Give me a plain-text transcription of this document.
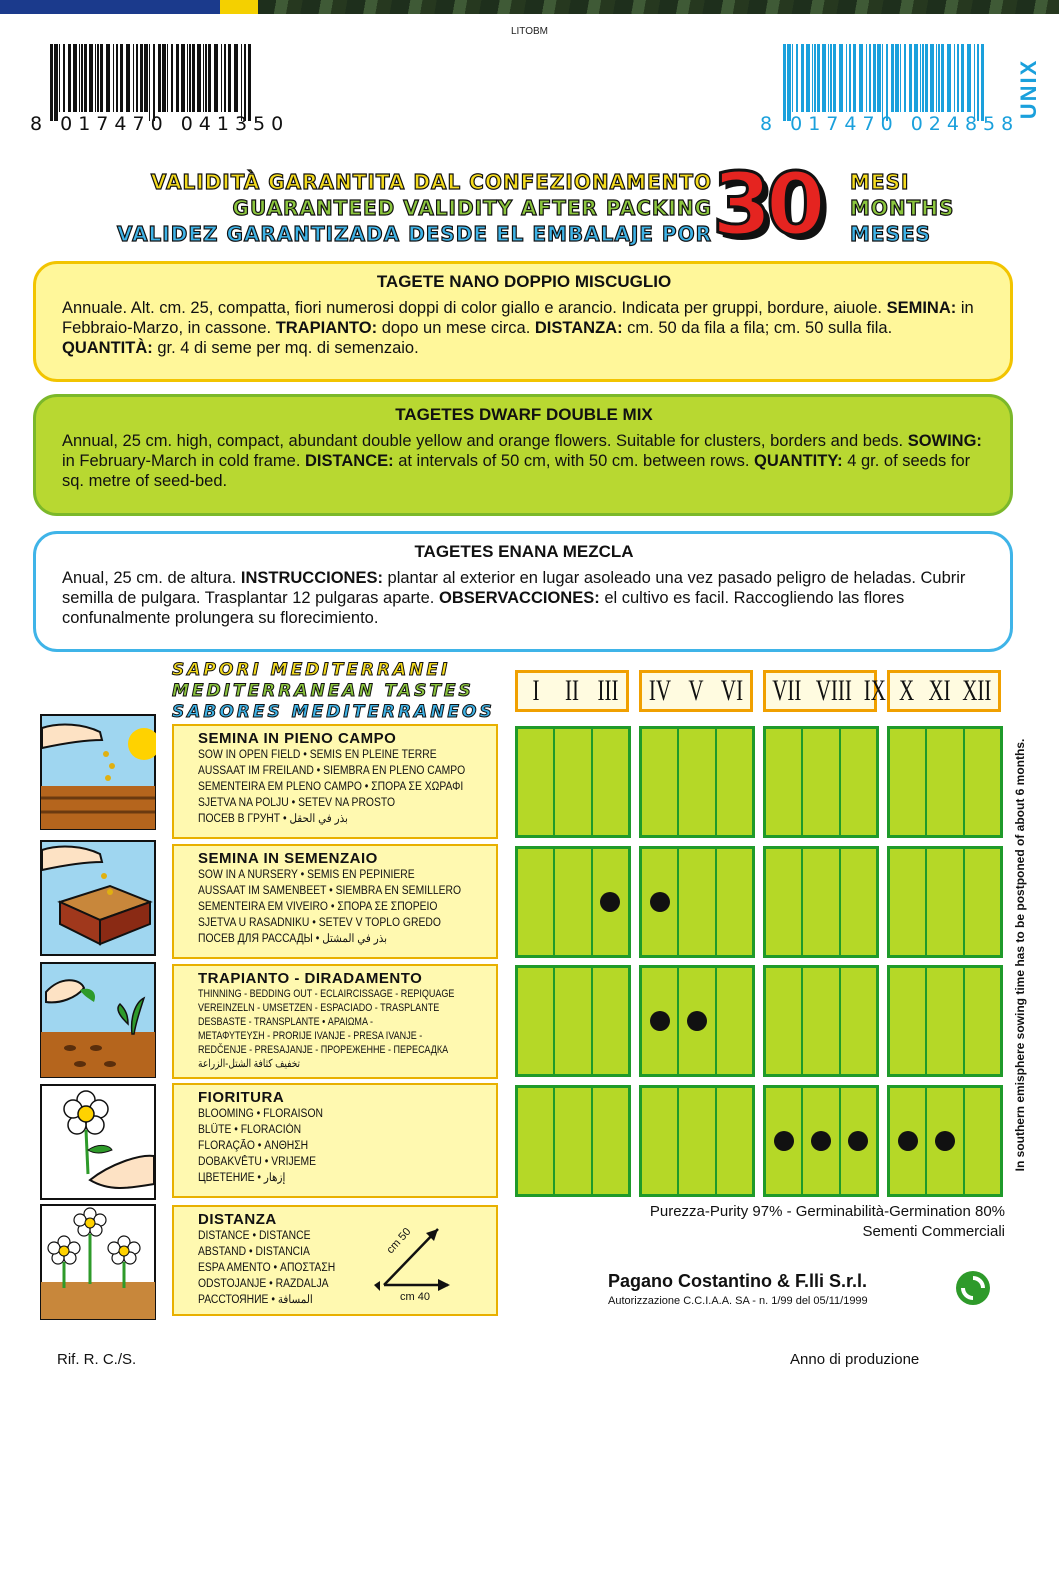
LITOBM
8 017470 041350	8 017470 024858
UNIX
VALIDITÀ GARANTITA DAL CONFEZIONAMENTO
GUARANTEED VALIDITY AFTER PACKING
VALIDEZ GARANTIZADA DESDE EL EMBALAJE POR 30 MESI
MONTHS
MESES
TAGETE NANO DOPPIO MISCUGLIO
Annuale. Alt. cm. 25, compatta, fiori numerosi doppi di color giallo e arancio. Indicata per gruppi, bordure, aiuole. SEMINA: in Febbraio-Marzo, in cassone. TRAPIANTO: dopo un mese circa. DISTANZA: cm. 50 da fila a fila; cm. 50 sulla fila. QUANTITÀ: gr. 4 di seme per mq. di semenzaio.
TAGETES DWARF DOUBLE MIX
Annual, 25 cm. high, compact, abundant double yellow and orange flowers. Suitable for clusters, borders and beds. SOWING: in February-March in cold frame. DISTANCE: at intervals of 50 cm, with 50 cm. between rows. QUANTITY: 4 gr. of seeds for sq. metre of seed-bed.
TAGETES ENANA MEZCLA
Anual, 25 cm. de altura. INSTRUCCIONES: plantar al exterior en lugar asoleado una vez pasado peligro de heladas. Cubrir semilla de pulgara. Trasplantar 12 pulgaras aparte. OBSERVACCIONES: el cultivo es facil. Raccogliendo las flores confunalmente prolungera su florecimiento.
SAPORI MEDITERRANEI
MEDITERRANEAN TASTES
SABORES MEDITERRANEOS
I II III IV V VI VII VIII IX X XI XII
SEMINA IN PIENO CAMPO
SOW IN OPEN FIELD • SEMIS EN PLEINE TERRE
AUSSAAT IM FREILAND • SIEMBRA EN PLENO CAMPO
SEMENTEIRA EM PLENO CAMPO • ΣΠΟΡΑ ΣΕ ΧΩΡΑΦΙ
SJETVA NA POLJU • SETEV NA PROSTO
ПОСЕВ В ГРУНТ • بذر في الحقل
SEMINA IN SEMENZAIO
SOW IN A NURSERY • SEMIS EN PEPINIERE
AUSSAAT IM SAMENBEET • SIEMBRA EN SEMILLERO
SEMENTEIRA EM VIVEIRO • ΣΠΟΡΑ ΣΕ ΣΠΟΡΕΙΟ
SJETVA U RASADNIKU • SETEV V TOPLO GREDO
ПОСЕВ ДЛЯ РАССАДЫ • بذر في المشتل
TRAPIANTO - DIRADAMENTO
THINNING - BEDDING OUT - ECLAIRCISSAGE - REPIQUAGE
VEREINZELN - UMSETZEN - ESPACIADO - TRASPLANTE
DESBASTE - TRANSPLANTE • ΑΡΑΙΩΜΑ -
ΜΕΤΑΦΥΤΕΥΣΗ - PRORIJE IVANJE - PRESA IVANJE -
REDČENJE - PRESAJANJE - ПРОРЕЖЕННЕ - ПЕРЕСАДКА
تخفيف كثافة الشتل-الزراعة
FIORITURA
BLOOMING • FLORAISON
BLÜTE • FLORACIÓN
FLORAÇÃO • ΑΝΘΗΣΗ
DOBAKVĚTU • VRIJEME
ЦВЕТЕНИЕ • إزهار
DISTANZA
DISTANCE • DISTANCE
ABSTAND • DISTANCIA
ESPA AMENTO • ΑΠΟΣΤΑΣΗ
ODSTOJANJE • RAZDALJA
РАССТОЯНИЕ • المسافة
cm 50
cm 40
In southern emisphere sowing time has to be postponed of about 6 months.
Purezza-Purity 97% - Germinabilità-Germination 80%
Sementi Commerciali
Pagano Costantino & F.lli S.r.l.
Autorizzazione C.C.I.A.A. SA - n. 1/99 del 05/11/1999
Rif. R. C./S.	Anno di produzione
